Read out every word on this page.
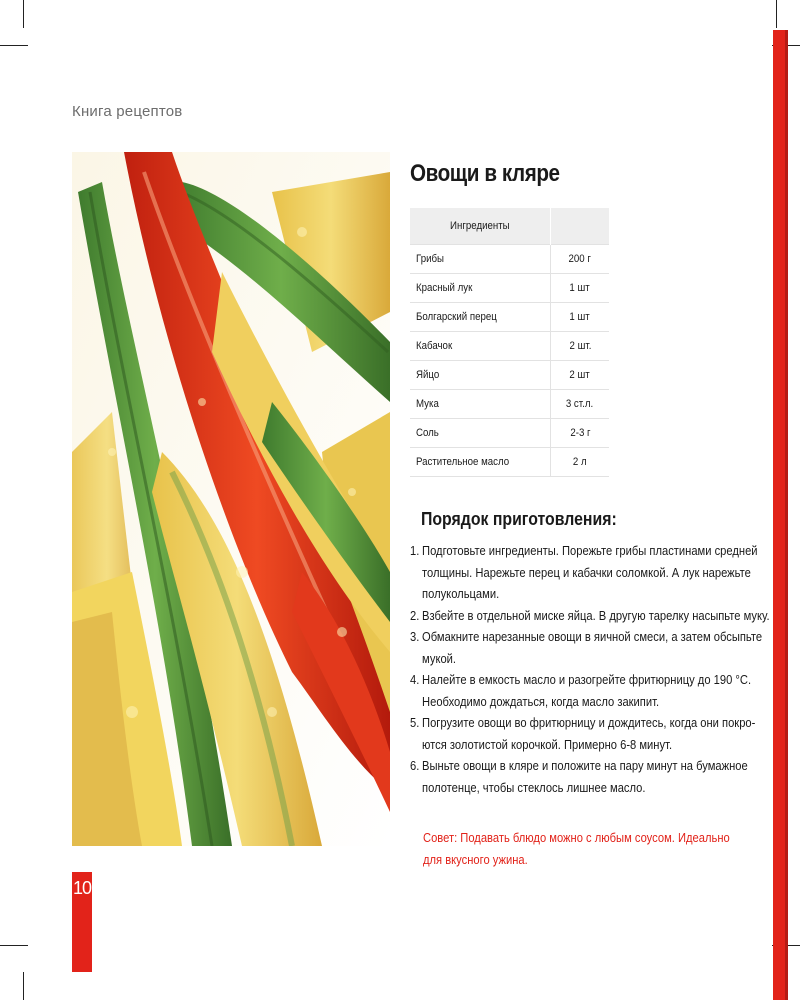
Книга рецептов
10
Овощи в кляре
Ингредиенты	
Грибы	200 г
Красный лук	1 шт
Болгарский перец	1 шт
Кабачок	2 шт.
Яйцо	2 шт
Мука	3 ст.л.
Соль	2-3 г
Растительное масло	2 л
Порядок приготовления:
1. Подготовьте ингредиенты. Порежьте грибы пластинами средней толщины. Нарежьте перец и кабачки соломкой. А лук нарежьте полукольцами.
2. Взбейте в отдельной миске яйца. В другую тарелку насыпьте муку.
3. Обмакните нарезанные овощи в яичной смеси, а затем обсыпьте мукой.
4. Налейте в емкость масло и разогрейте фритюрницу до 190 °С. Необходимо дождаться, когда масло закипит.
5. Погрузите овощи во фритюрницу и дождитесь, когда они покро-ются золотистой корочкой. Примерно 6-8 минут.
6. Выньте овощи в кляре и положите на пару минут на бумажное полотенце, чтобы стеклось лишнее масло.
Совет: Подавать блюдо можно с любым соусом. Идеально для вкусного ужина.
